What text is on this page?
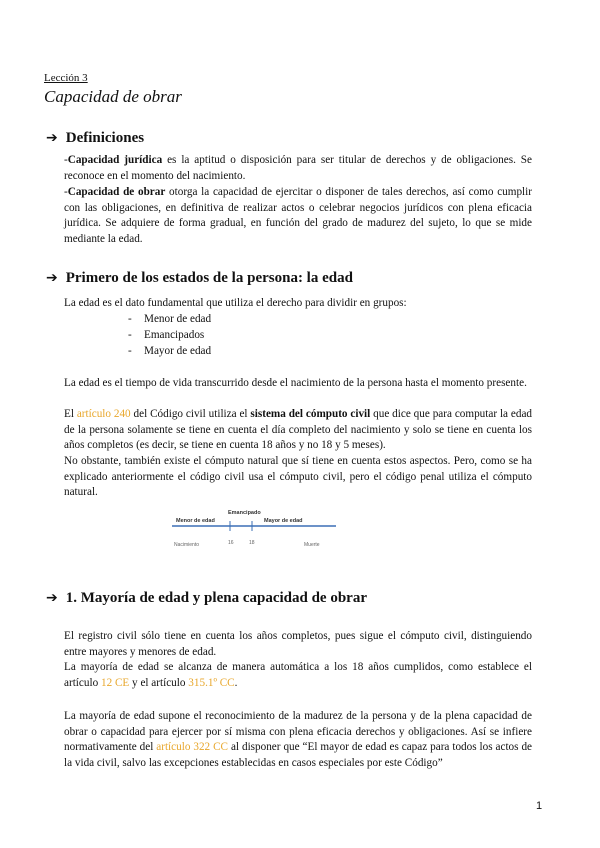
Lección 3
Capacidad de obrar
➔ Definiciones
-Capacidad jurídica es la aptitud o disposición para ser titular de derechos y de obligaciones. Se reconoce en el momento del nacimiento.
-Capacidad de obrar otorga la capacidad de ejercitar o disponer de tales derechos, así como cumplir con las obligaciones, en definitiva de realizar actos o celebrar negocios jurídicos con plena eficacia jurídica. Se adquiere de forma gradual, en función del grado de madurez del sujeto, lo que se mide mediante la edad.
➔ Primero de los estados de la persona: la edad
La edad es el dato fundamental que utiliza el derecho para dividir en grupos:
- Menor de edad
- Emancipados
- Mayor de edad
La edad es el tiempo de vida transcurrido desde el nacimiento de la persona hasta el momento presente.
El artículo 240 del Código civil utiliza el sistema del cómputo civil que dice que para computar la edad de la persona solamente se tiene en cuenta el día completo del nacimiento y solo se tiene en cuenta los años completos (es decir, se tiene en cuenta 18 años y no 18 y 5 meses).
No obstante, también existe el cómputo natural que sí tiene en cuenta estos aspectos. Pero, como se ha explicado anteriormente el código civil usa el cómputo civil, pero el código penal utiliza el cómputo natural.
Emancipado
Menor de edad	Mayor de edad
Nacimiento	16	18	Muerte
➔ 1. Mayoría de edad y plena capacidad de obrar
El registro civil sólo tiene en cuenta los años completos, pues sigue el cómputo civil, distinguiendo entre mayores y menores de edad.
La mayoría de edad se alcanza de manera automática a los 18 años cumplidos, como establece el artículo 12 CE y el artículo 315.1º CC.
La mayoría de edad supone el reconocimiento de la madurez de la persona y de la plena capacidad de obrar o capacidad para ejercer por sí misma con plena eficacia derechos y obligaciones. Así se infiere normativamente del artículo 322 CC al disponer que “El mayor de edad es capaz para todos los actos de la vida civil, salvo las excepciones establecidas en casos especiales por este Código”
1
